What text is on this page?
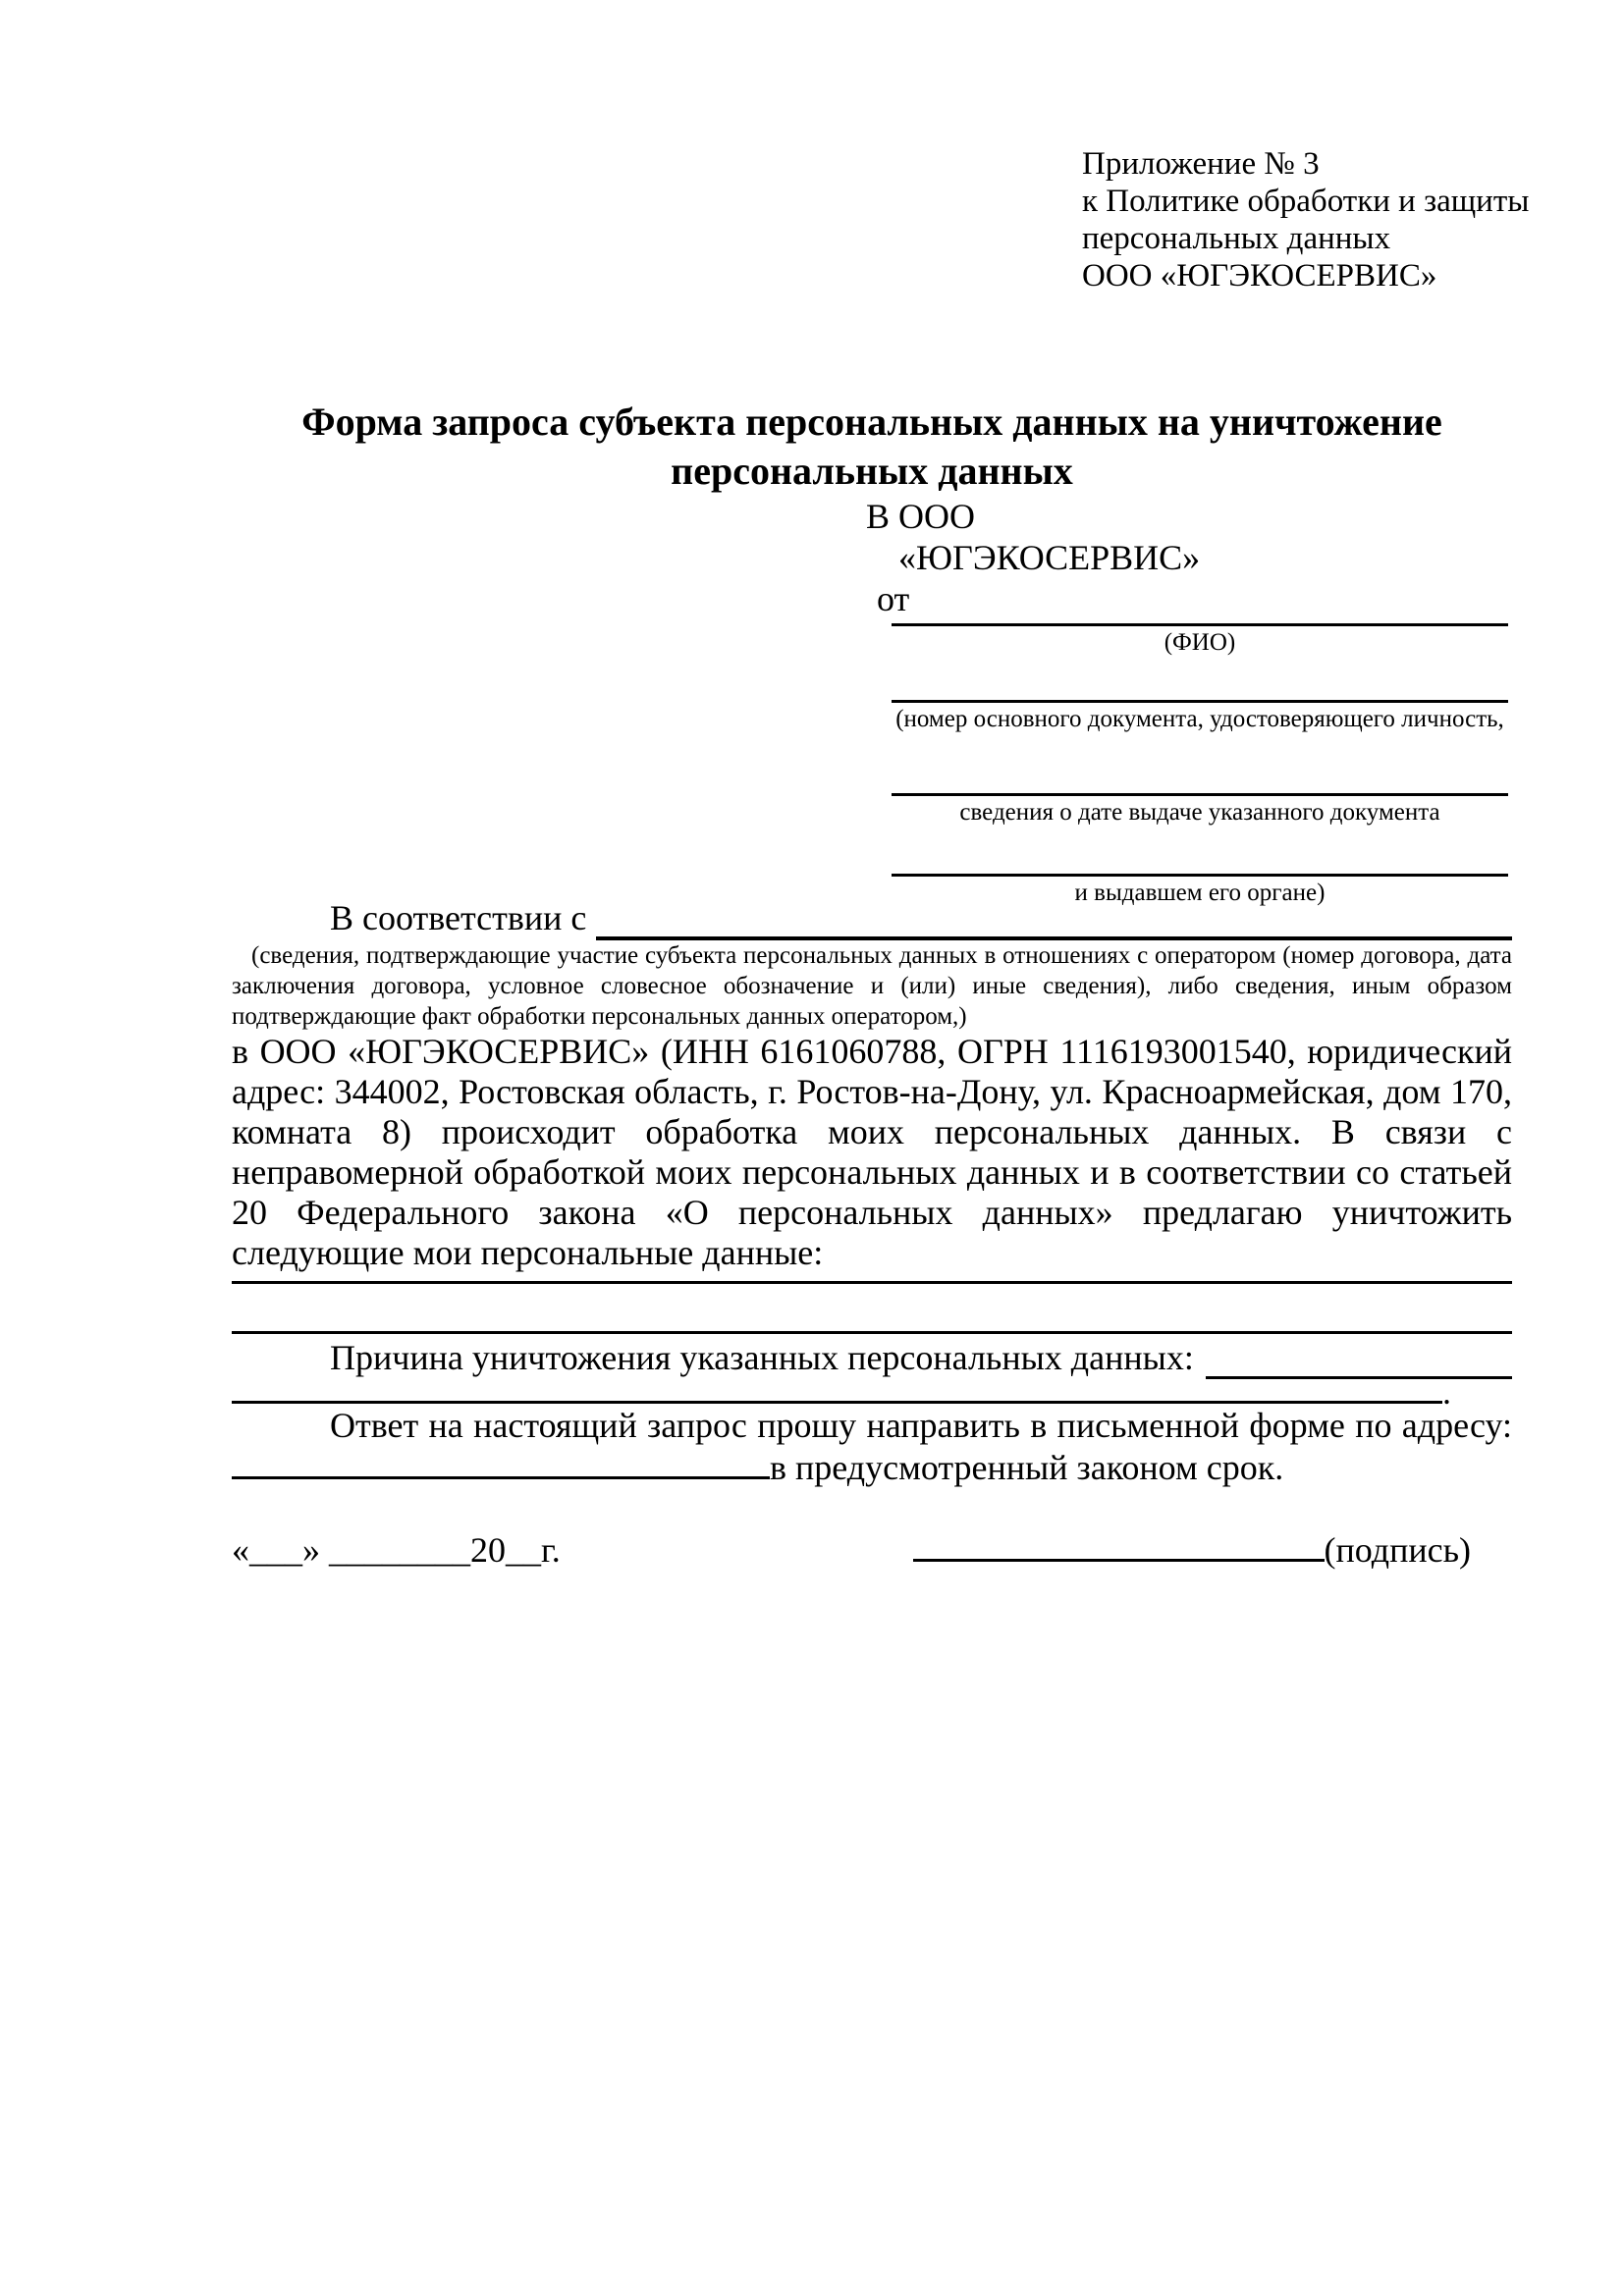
Приложение № 3
к Политике обработки и защиты
персональных данных
ООО «ЮГЭКОСЕРВИС»
Форма запроса субъекта персональных данных на уничтожение
персональных данных
В ООО
«ЮГЭКОСЕРВИС»
от
(ФИО)
(номер основного документа, удостоверяющего личность,
сведения о дате выдаче указанного документа
и выдавшем его органе)
В соответствии с
(сведения, подтверждающие участие субъекта персональных данных в отношениях с оператором (номер договора, дата заключения договора, условное словесное обозначение и (или) иные сведения), либо сведения, иным образом подтверждающие факт обработки персональных данных оператором,)
в ООО «ЮГЭКОСЕРВИС» (ИНН 6161060788, ОГРН 1116193001540, юридический адрес: 344002, Ростовская область, г. Ростов-на-Дону, ул. Красноармейская, дом 170, комната 8) происходит обработка моих персональных данных. В связи с неправомерной обработкой моих персональных данных и в соответствии со статьей 20 Федерального закона «О персональных данных» предлагаю уничтожить следующие мои персональные данные:
Причина уничтожения указанных персональных данных:
.
Ответ на настоящий запрос прошу направить в письменной форме по адресу:
в предусмотренный законом срок.
«___» ________20__г.	(подпись)
